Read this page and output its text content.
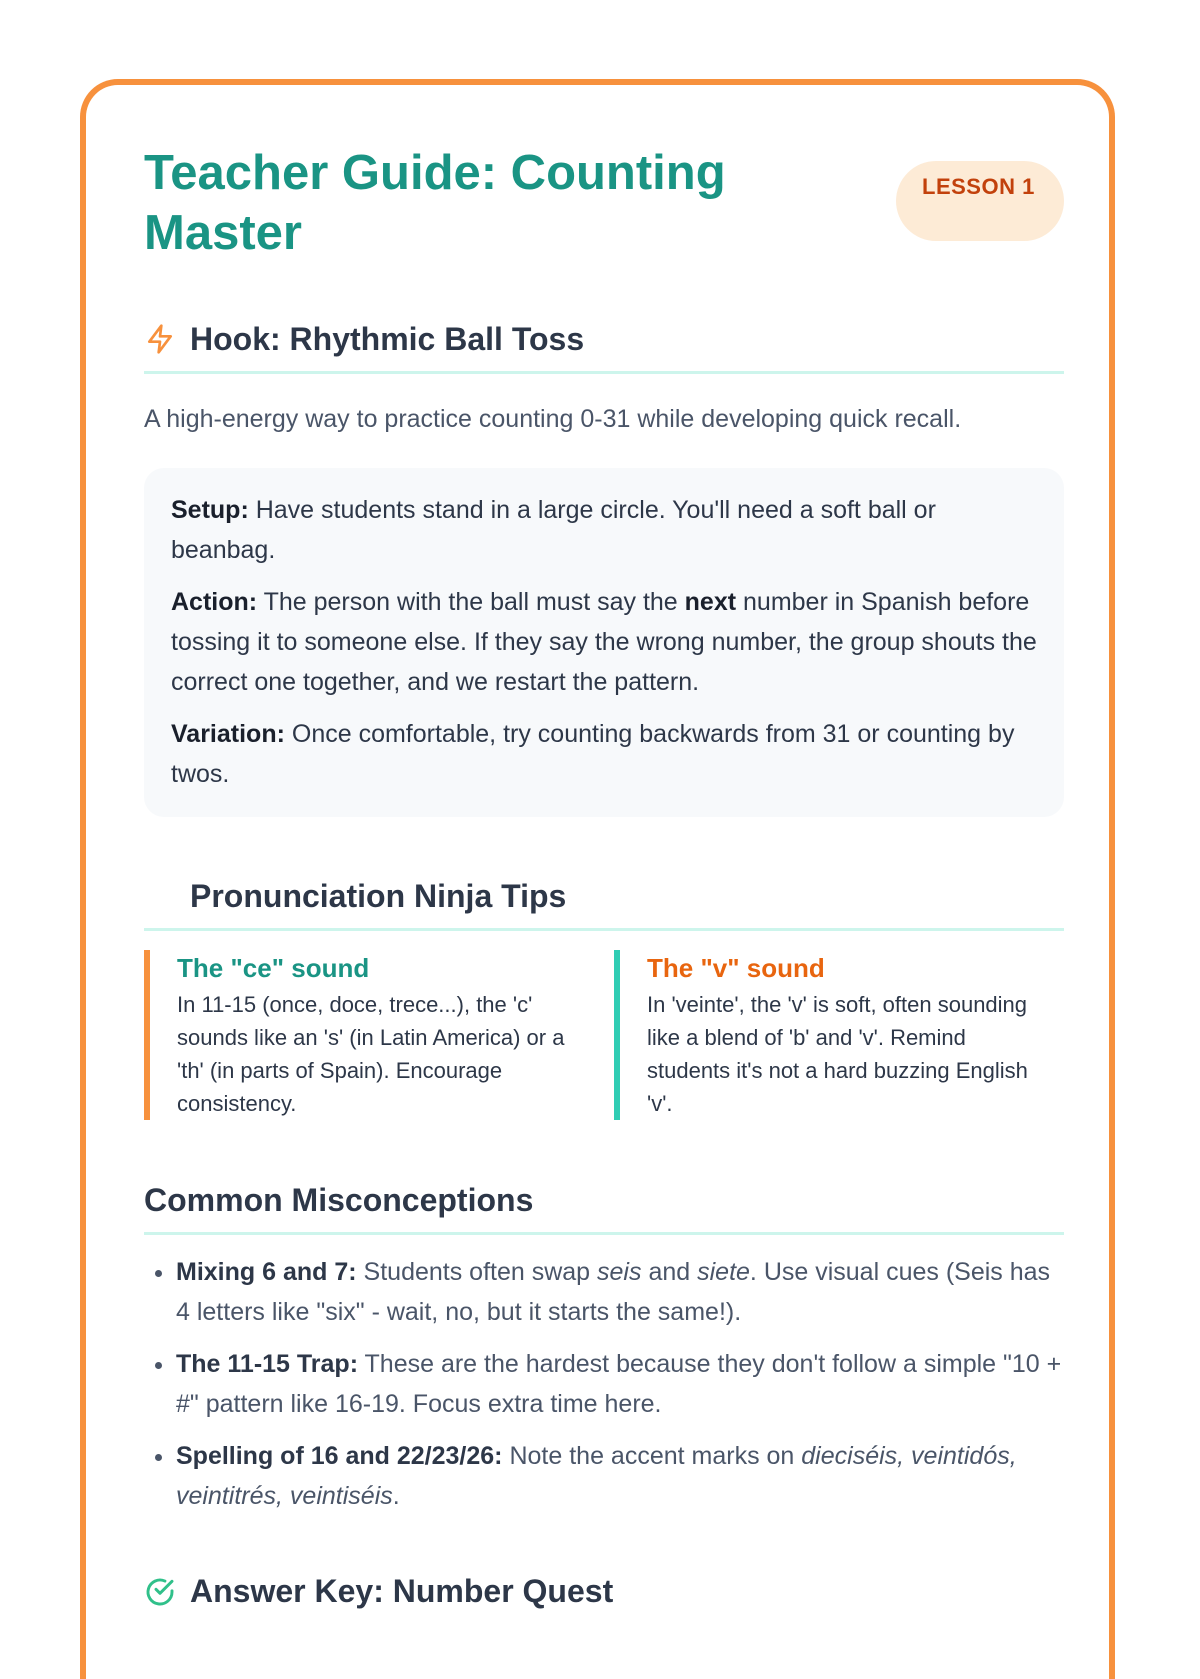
Teacher Guide: Counting Master
LESSON 1
Hook: Rhythmic Ball Toss

A high-energy way to practice counting 0-31 while developing quick recall.

Setup: Have students stand in a large circle. You'll need a soft ball or beanbag.

Action: The person with the ball must say the next number in Spanish before tossing it to someone else. If they say the wrong number, the group shouts the correct one together, and we restart the pattern.

Variation: Once comfortable, try counting backwards from 31 or counting by twos.

Pronunciation Ninja Tips
The "ce" sound

In 11-15 (once, doce, trece...), the 'c' sounds like an 's' (in Latin America) or a 'th' (in parts of Spain). Encourage consistency.

The "v" sound

In 'veinte', the 'v' is soft, often sounding like a blend of 'b' and 'v'. Remind students it's not a hard buzzing English 'v'.

Common Misconceptions
• Mixing 6 and 7: Students often swap seis and siete. Use visual cues (Seis has 4 letters like "six" - wait, no, but it starts the same!).
• The 11-15 Trap: These are the hardest because they don't follow a simple "10 + #" pattern like 16-19. Focus extra time here.
• Spelling of 16 and 22/23/26: Note the accent marks on dieciséis, veintidós, veintitrés, veintiséis.
Answer Key: Number Quest
